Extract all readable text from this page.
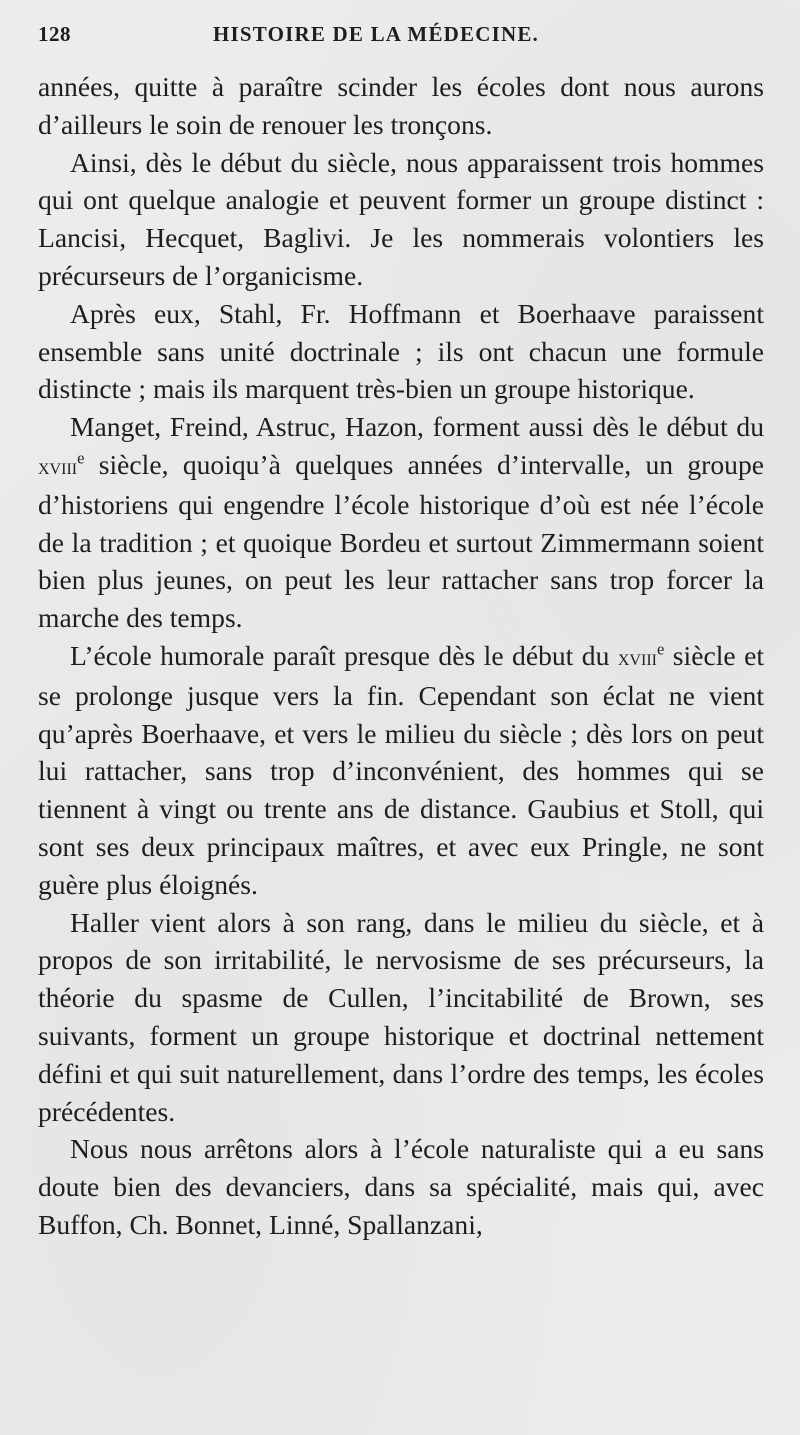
128	HISTOIRE DE LA MÉDECINE.

années, quitte à paraître scinder les écoles dont nous aurons d’ailleurs le soin de renouer les tronçons.

Ainsi, dès le début du siècle, nous apparaissent trois hommes qui ont quelque analogie et peuvent former un groupe distinct : Lancisi, Hecquet, Baglivi. Je les nommerais volontiers les précurseurs de l’organicisme.

Après eux, Stahl, Fr. Hoffmann et Boerhaave paraissent ensemble sans unité doctrinale ; ils ont chacun une formule distincte ; mais ils marquent très-bien un groupe historique.

Manget, Freind, Astruc, Hazon, forment aussi dès le début du xviii$^e$ siècle, quoiqu’à quelques années d’intervalle, un groupe d’historiens qui engendre l’école historique d’où est née l’école de la tradition ; et quoique Bordeu et surtout Zimmermann soient bien plus jeunes, on peut les leur rattacher sans trop forcer la marche des temps.

L’école humorale paraît presque dès le début du xviii$^e$ siècle et se prolonge jusque vers la fin. Cependant son éclat ne vient qu’après Boerhaave, et vers le milieu du siècle ; dès lors on peut lui rattacher, sans trop d’inconvénient, des hommes qui se tiennent à vingt ou trente ans de distance. Gaubius et Stoll, qui sont ses deux principaux maîtres, et avec eux Pringle, ne sont guère plus éloignés.

Haller vient alors à son rang, dans le milieu du siècle, et à propos de son irritabilité, le nervosisme de ses précurseurs, la théorie du spasme de Cullen, l’incitabilité de Brown, ses suivants, forment un groupe historique et doctrinal nettement défini et qui suit naturellement, dans l’ordre des temps, les écoles précédentes.

Nous nous arrêtons alors à l’école naturaliste qui a eu sans doute bien des devanciers, dans sa spécialité, mais qui, avec Buffon, Ch. Bonnet, Linné, Spallanzani,
